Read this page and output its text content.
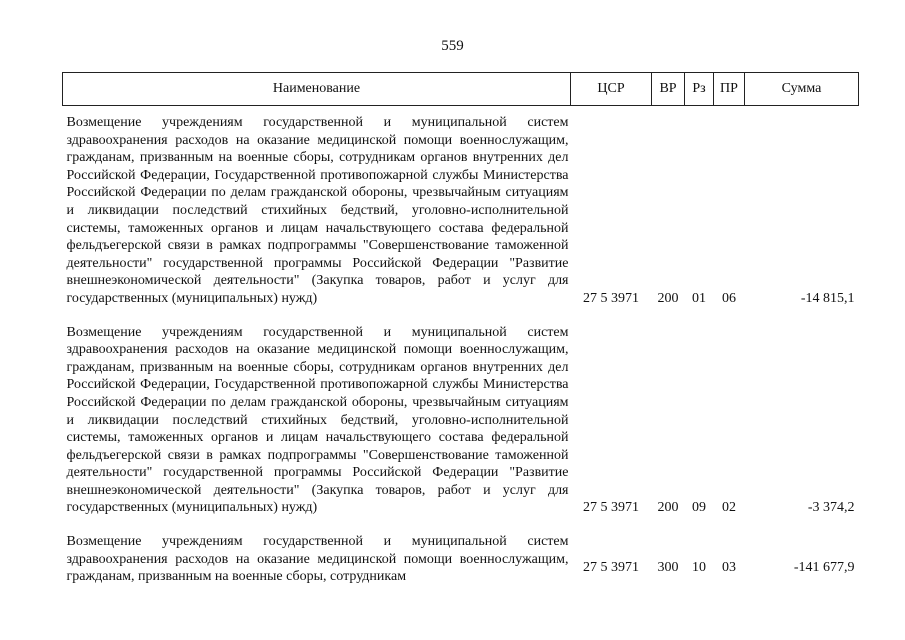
559
Наименование	ЦСР	ВР	Рз	ПР	Сумма
Возмещение учреждениям государственной и муниципальной систем здравоохранения расходов на оказание медицинской помощи военнослужащим, гражданам, призванным на военные сборы, сотрудникам органов внутренних дел Российской Федерации, Государственной противопожарной службы Министерства Российской Федерации по делам гражданской обороны, чрезвычайным ситуациям и ликвидации последствий стихийных бедствий, уголовно-исполнительной системы, таможенных органов и лицам начальствующего состава федеральной фельдъегерской связи в рамках подпрограммы "Совершенствование таможенной деятельности" государственной программы Российской Федерации "Развитие внешнеэкономической деятельности" (Закупка товаров, работ и услуг для государственных (муниципальных) нужд)	27 5 3971	200	01	06	-14 815,1
Возмещение учреждениям государственной и муниципальной систем здравоохранения расходов на оказание медицинской помощи военнослужащим, гражданам, призванным на военные сборы, сотрудникам органов внутренних дел Российской Федерации, Государственной противопожарной службы Министерства Российской Федерации по делам гражданской обороны, чрезвычайным ситуациям и ликвидации последствий стихийных бедствий, уголовно-исполнительной системы, таможенных органов и лицам начальствующего состава федеральной фельдъегерской связи в рамках подпрограммы "Совершенствование таможенной деятельности" государственной программы Российской Федерации "Развитие внешнеэкономической деятельности" (Закупка товаров, работ и услуг для государственных (муниципальных) нужд)	27 5 3971	200	09	02	-3 374,2
Возмещение учреждениям государственной и муниципальной систем здравоохранения расходов на оказание медицинской помощи военнослужащим, гражданам, призванным на военные сборы, сотрудникам	27 5 3971	300	10	03	-141 677,9
